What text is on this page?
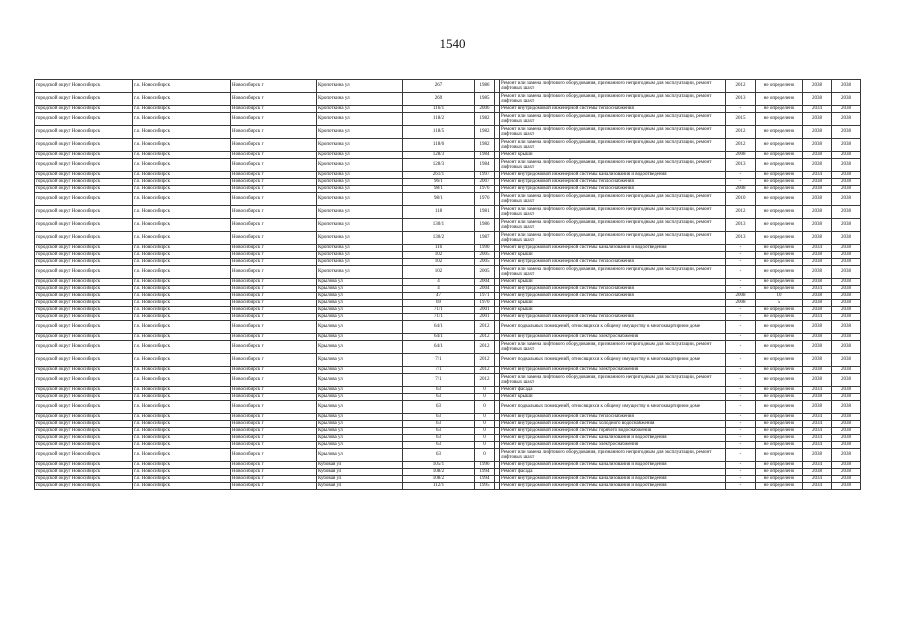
1540
городской округ Новосибирск	г.о. Новосибирск	Новосибирск г	Кропоткина ул	267	1986		Ремонт или замена лифтового оборудования, признанного непригодным для эксплуатации, ремонт лифтовых шахт	2012	не определено	2038	2038
городской округ Новосибирск	г.о. Новосибирск	Новосибирск г	Кропоткина ул	269	1985		Ремонт или замена лифтового оборудования, признанного непригодным для эксплуатации, ремонт лифтовых шахт	2013	не определено	2038	2038
городской округ Новосибирск	г.о. Новосибирск	Новосибирск г	Кропоткина ул	116/1	2006		Ремонт внутридомовой инженерной системы теплоснабжения	-	не определено	2034	2038
городской округ Новосибирск	г.о. Новосибирск	Новосибирск г	Кропоткина ул	118/2	1982		Ремонт или замена лифтового оборудования, признанного непригодным для эксплуатации, ремонт лифтовых шахт	2015	не определено	2038	2038
городской округ Новосибирск	г.о. Новосибирск	Новосибирск г	Кропоткина ул	118/5	1982		Ремонт или замена лифтового оборудования, признанного непригодным для эксплуатации, ремонт лифтовых шахт	2012	не определено	2038	2038
городской округ Новосибирск	г.о. Новосибирск	Новосибирск г	Кропоткина ул	118/6	1982		Ремонт или замена лифтового оборудования, признанного непригодным для эксплуатации, ремонт лифтовых шахт	2012	не определено	2038	2038
городской округ Новосибирск	г.о. Новосибирск	Новосибирск г	Кропоткина ул	128/3	1984		Ремонт крыши	2008	не определено	2038	2038
городской округ Новосибирск	г.о. Новосибирск	Новосибирск г	Кропоткина ул	128/3	1984		Ремонт или замена лифтового оборудования, признанного непригодным для эксплуатации, ремонт лифтовых шахт	2013	не определено	2038	2038
городской округ Новосибирск	г.о. Новосибирск	Новосибирск г	Кропоткина ул	261/1	1997		Ремонт внутридомовой инженерной системы канализования и водоотведения	-	не определено	2034	2038
городской округ Новосибирск	г.о. Новосибирск	Новосибирск г	Кропоткина ул	96/1	2007		Ремонт внутридомовой инженерной системы теплоснабжения	-	не определено	2038	2038
городской округ Новосибирск	г.о. Новосибирск	Новосибирск г	Кропоткина ул	98/1	1976		Ремонт внутридомовой инженерной системы теплоснабжения	2008	не определено	2038	2038
городской округ Новосибирск	г.о. Новосибирск	Новосибирск г	Кропоткина ул	98/1	1976		Ремонт или замена лифтового оборудования, признанного непригодным для эксплуатации, ремонт лифтовых шахт	2010	не определено	2038	2038
городской округ Новосибирск	г.о. Новосибирск	Новосибирск г	Кропоткина ул	118	1981		Ремонт или замена лифтового оборудования, признанного непригодным для эксплуатации, ремонт лифтовых шахт	2012	не определено	2038	2038
городской округ Новосибирск	г.о. Новосибирск	Новосибирск г	Кропоткина ул	130/1	1986		Ремонт или замена лифтового оборудования, признанного непригодным для эксплуатации, ремонт лифтовых шахт	2013	не определено	2038	2038
городской округ Новосибирск	г.о. Новосибирск	Новосибирск г	Кропоткина ул	130/2	1987		Ремонт или замена лифтового оборудования, признанного непригодным для эксплуатации, ремонт лифтовых шахт	2013	не определено	2038	2038
городской округ Новосибирск	г.о. Новосибирск	Новосибирск г	Кропоткина ул	116	1990		Ремонт внутридомовой инженерной системы канализования и водоотведения	-	не определено	2034	2038
городской округ Новосибирск	г.о. Новосибирск	Новосибирск г	Кропоткина ул	102	2005		Ремонт крыши	-	не определено	2038	2038
городской округ Новосибирск	г.о. Новосибирск	Новосибирск г	Кропоткина ул	102	2005		Ремонт внутридомовой инженерной системы теплоснабжения	-	не определено	2038	2038
городской округ Новосибирск	г.о. Новосибирск	Новосибирск г	Кропоткина ул	102	2005		Ремонт или замена лифтового оборудования, признанного непригодным для эксплуатации, ремонт лифтовых шахт	-	не определено	2038	2038
городской округ Новосибирск	г.о. Новосибирск	Новосибирск г	Крылова ул	4	2004		Ремонт крыши	-	не определено	2038	2038
городской округ Новосибирск	г.о. Новосибирск	Новосибирск г	Крылова ул	4	2004		Ремонт внутридомовой инженерной системы теплоснабжения	-	не определено	2034	2038
городской округ Новосибирск	г.о. Новосибирск	Новосибирск г	Крылова ул	47	1971		Ремонт внутридомовой инженерной системы теплоснабжения	2008	10	2038	2038
городской округ Новосибирск	г.о. Новосибирск	Новосибирск г	Крылова ул	69	1970		Ремонт крыши	2008	5	2038	2038
городской округ Новосибирск	г.о. Новосибирск	Новосибирск г	Крылова ул	71/1	2001		Ремонт крыши	-	не определено	2038	2038
городской округ Новосибирск	г.о. Новосибирск	Новосибирск г	Крылова ул	71/1	2001		Ремонт внутридомовой инженерной системы теплоснабжения	-	не определено	2034	2038
городской округ Новосибирск	г.о. Новосибирск	Новосибирск г	Крылова ул	64/1	2012		Ремонт подвальных помещений, относящихся к общему имуществу в многоквартирном доме	-	не определено	2038	2038
городской округ Новосибирск	г.о. Новосибирск	Новосибирск г	Крылова ул	64/1	2012		Ремонт внутридомовой инженерной системы электроснабжения	-	не определено	2038	2038
городской округ Новосибирск	г.о. Новосибирск	Новосибирск г	Крылова ул	64/1	2012		Ремонт или замена лифтового оборудования, признанного непригодным для эксплуатации, ремонт лифтовых шахт	-	не определено	2038	2038
городской округ Новосибирск	г.о. Новосибирск	Новосибирск г	Крылова ул	7/1	2012		Ремонт подвальных помещений, относящихся к общему имуществу в многоквартирном доме	-	не определено	2038	2038
городской округ Новосибирск	г.о. Новосибирск	Новосибирск г	Крылова ул	7/1	2012		Ремонт внутридомовой инженерной системы электроснабжения	-	не определено	2038	2038
городской округ Новосибирск	г.о. Новосибирск	Новосибирск г	Крылова ул	7/1	2012		Ремонт или замена лифтового оборудования, признанного непригодным для эксплуатации, ремонт лифтовых шахт	-	не определено	2038	2038
городской округ Новосибирск	г.о. Новосибирск	Новосибирск г	Крылова ул	63	0		Ремонт фасада	-	не определено	2034	2038
городской округ Новосибирск	г.о. Новосибирск	Новосибирск г	Крылова ул	63	0		Ремонт крыши	-	не определено	2038	2038
городской округ Новосибирск	г.о. Новосибирск	Новосибирск г	Крылова ул	63	0		Ремонт подвальных помещений, относящихся к общему имуществу в многоквартирном доме	-	не определено	2038	2038
городской округ Новосибирск	г.о. Новосибирск	Новосибирск г	Крылова ул	63	0		Ремонт внутридомовой инженерной системы теплоснабжения	-	не определено	2034	2038
городской округ Новосибирск	г.о. Новосибирск	Новосибирск г	Крылова ул	63	0		Ремонт внутридомовой инженерной системы холодного водоснабжения	-	не определено	2034	2038
городской округ Новосибирск	г.о. Новосибирск	Новосибирск г	Крылова ул	63	0		Ремонт внутридомовой инженерной системы горячего водоснабжения	-	не определено	2034	2038
городской округ Новосибирск	г.о. Новосибирск	Новосибирск г	Крылова ул	63	0		Ремонт внутридомовой инженерной системы канализования и водоотведения	-	не определено	2034	2038
городской округ Новосибирск	г.о. Новосибирск	Новосибирск г	Крылова ул	63	0		Ремонт внутридомовой инженерной системы электроснабжения	-	не определено	2034	2038
городской округ Новосибирск	г.о. Новосибирск	Новосибирск г	Крылова ул	63	0		Ремонт или замена лифтового оборудования, признанного непригодным для эксплуатации, ремонт лифтовых шахт	-	не определено	2038	2038
городской округ Новосибирск	г.о. Новосибирск	Новосибирск г	Кубовая ул	105/1	1996		Ремонт внутридомовой инженерной системы канализования и водоотведения	-	не определено	2034	2038
городской округ Новосибирск	г.о. Новосибирск	Новосибирск г	Кубовая ул	108/2	1994		Ремонт фасада	-	не определено	2038	2038
городской округ Новосибирск	г.о. Новосибирск	Новосибирск г	Кубовая ул	108/2	1994		Ремонт внутридомовой инженерной системы канализования и водоотведения	-	не определено	2034	2038
городской округ Новосибирск	г.о. Новосибирск	Новосибирск г	Кубовая ул	112/1	1995		Ремонт внутридомовой инженерной системы канализования и водоотведения	-	не определено	2034	2038
